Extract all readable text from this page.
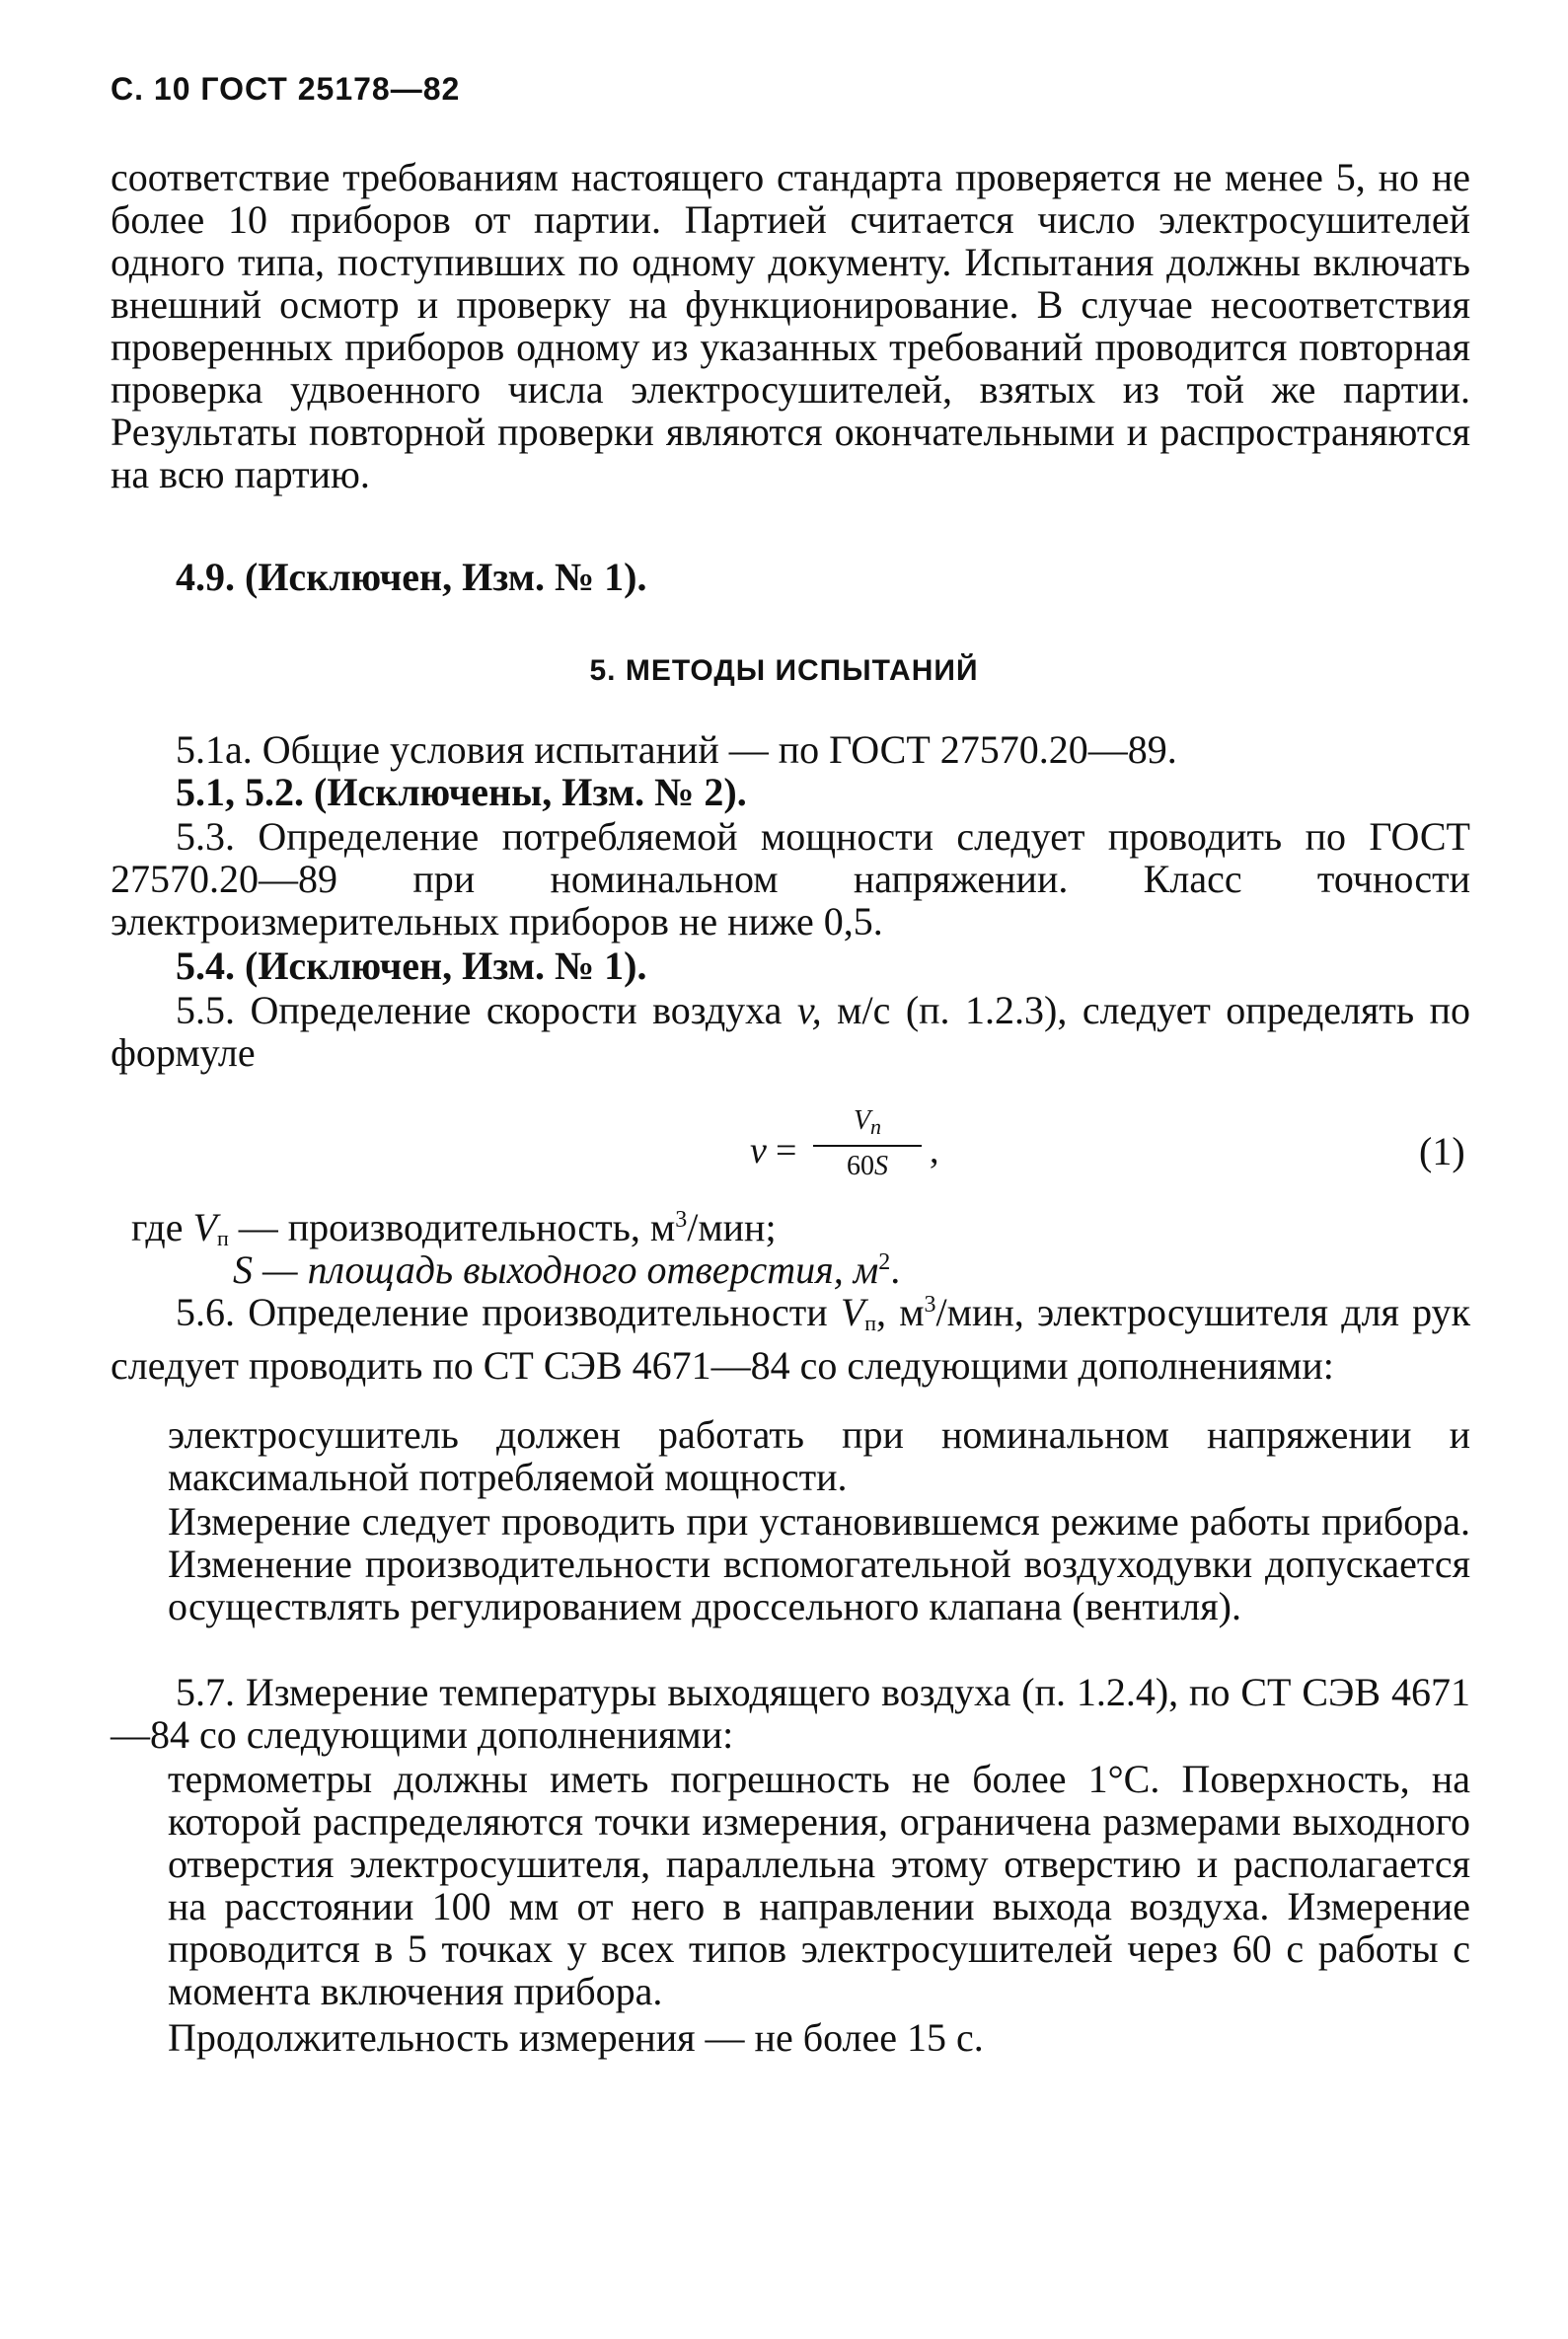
С. 10 ГОСТ 25178—82

соответствие требованиям настоящего стандарта проверяется не менее 5, но не более 10 приборов от партии. Партией считается число электросушителей одного типа, поступивших по одному документу. Испытания должны включать внешний осмотр и проверку на функционирование. В случае несоответствия проверенных приборов одному из указанных требований проводится повторная проверка удвоенного числа электросушителей, взятых из той же партии. Результаты повторной проверки являются окончательными и распространяются на всю партию.

4.9. (Исключен, Изм. № 1).

5. МЕТОДЫ ИСПЫТАНИЙ

5.1а. Общие условия испытаний — по ГОСТ 27570.20—89.

5.1, 5.2. (Исключены, Изм. № 2).

5.3. Определение потребляемой мощности следует проводить по ГОСТ 27570.20—89 при номинальном напряжении. Класс точности электроизмерительных приборов не ниже 0,5.

5.4. (Исключен, Изм. № 1).

5.5. Определение скорости воздуха v, м/с (п. 1.2.3), следует определять по формуле

v =
$V_п$
60S	,	(1)

где $V_п$ — производительность, $м^3$/мин;

S — площадь выходного отверстия, $м^2$.

5.6. Определение производительности $V_п$, $м^3$/мин, электросушителя для рук следует проводить по СТ СЭВ 4671—84 со следующими дополнениями:

электросушитель должен работать при номинальном напряжении и максимальной потребляемой мощности.

Измерение следует проводить при установившемся режиме работы прибора. Изменение производительности вспомогательной воздуходувки допускается осуществлять регулированием дроссельного клапана (вентиля).

5.7. Измерение температуры выходящего воздуха (п. 1.2.4), по СТ СЭВ 4671—84 со следующими дополнениями:

термометры должны иметь погрешность не более 1°С. Поверхность, на которой распределяются точки измерения, ограничена размерами выходного отверстия электросушителя, параллельна этому отверстию и располагается на расстоянии 100 мм от него в направлении выхода воздуха. Измерение проводится в 5 точках у всех типов электросушителей через 60 с работы с момента включения прибора.

Продолжительность измерения — не более 15 с.
